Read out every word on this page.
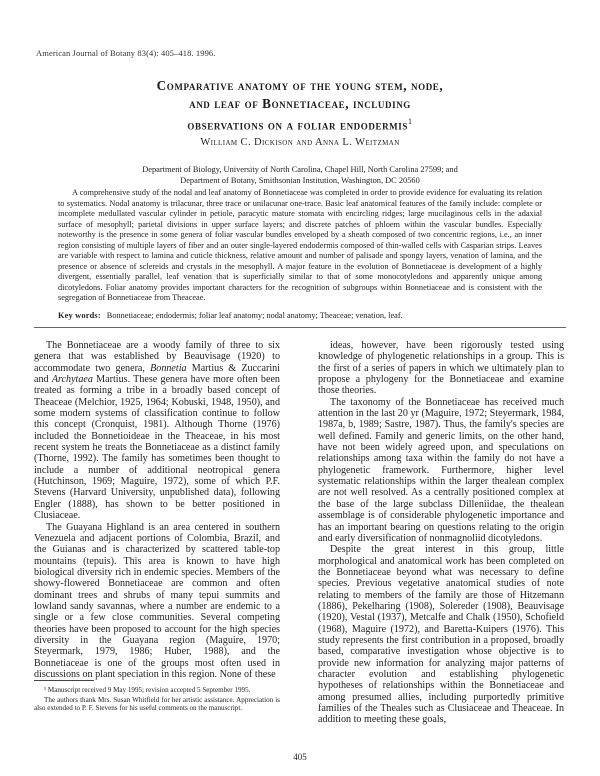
American Journal of Botany 83(4): 405–418. 1996.
Comparative anatomy of the young stem, node,
and leaf of Bonnetiaceae, including
observations on a foliar endodermis$^1$
William C. Dickison and Anna L. Weitzman
Department of Biology, University of North Carolina, Chapel Hill, North Carolina 27599; and
Department of Botany, Smithsonian Institution, Washington, DC 20560
A comprehensive study of the nodal and leaf anatomy of Bonnetiaceae was completed in order to provide evidence for evaluating its relation to systematics. Nodal anatomy is trilacunar, three trace or unilacunar one-trace. Basic leaf anatomical features of the family include: complete or incomplete medullated vascular cylinder in petiole, paracytic mature stomata with encircling ridges; large mucilaginous cells in the adaxial surface of mesophyll; parietal divisions in upper surface layers; and discrete patches of phloem within the vascular bundles. Especially noteworthy is the presence in some genera of foliar vascular bundles enveloped by a sheath composed of two concentric regions, i.e., an inner region consisting of multiple layers of fiber and an outer single-layered endodermis composed of thin-walled cells with Casparian strips. Leaves are variable with respect to lamina and cuticle thickness, relative amount and number of palisade and spongy layers, venation of lamina, and the presence or absence of sclereids and crystals in the mesophyll. A major feature in the evolution of Bonnetiaceae is development of a highly divergent, essentially parallel, leaf venation that is superficially similar to that of some monocotyledons and apparently unique among dicotyledons. Foliar anatomy provides important characters for the recognition of subgroups within Bonnetiaceae and is consistent with the segregation of Bonnetiaceae from Theaceae.
Key words: Bonnetiaceae; endodermis; foliar leaf anatomy; nodal anatomy; Theaceae; venation, leaf.

The Bonnetiaceae are a woody family of three to six genera that was established by Beauvisage (1920) to accommodate two genera, Bonnetia Martius & Zuccarini and Archytaea Martius. These genera have more often been treated as forming a tribe in a broadly based concept of Theaceae (Melchior, 1925, 1964; Kobuski, 1948, 1950), and some modern systems of classification continue to follow this concept (Cronquist, 1981). Although Thorne (1976) included the Bonnetioideae in the Theaceae, in his most recent system he treats the Bonnetiaceae as a distinct family (Thorne, 1992). The family has sometimes been thought to include a number of additional neotropical genera (Hutchinson, 1969; Maguire, 1972), some of which P.F. Stevens (Harvard University, unpublished data), following Engler (1888), has shown to be better positioned in Clusiaceae.

The Guayana Highland is an area centered in southern Venezuela and adjacent portions of Colombia, Brazil, and the Guianas and is characterized by scattered table-top mountains (tepuis). This area is known to have high biological diversity rich in endemic species. Members of the showy-flowered Bonnetiaceae are common and often dominant trees and shrubs of many tepui summits and lowland sandy savannas, where a number are endemic to a single or a few close communities. Several competing theories have been proposed to account for the high species diversity in the Guayana region (Maguire, 1970; Steyermark, 1979, 1986; Huber, 1988), and the Bonnetiaceae is one of the groups most often used in discussions on plant speciation in this region. None of these

ideas, however, have been rigorously tested using knowledge of phylogenetic relationships in a group. This is the first of a series of papers in which we ultimately plan to propose a phylogeny for the Bonnetiaceae and examine those theories.

The taxonomy of the Bonnetiaceae has received much attention in the last 20 yr (Maguire, 1972; Steyermark, 1984, 1987a, b, 1989; Sastre, 1987). Thus, the family's species are well defined. Family and generic limits, on the other hand, have not been widely agreed upon, and speculations on relationships among taxa within the family do not have a phylogenetic framework. Furthermore, higher level systematic relationships within the larger thealean complex are not well resolved. As a centrally positioned complex at the base of the large subclass Dilleniidae, the thealean assemblage is of considerable phylogenetic importance and has an important bearing on questions relating to the origin and early diversification of nonmagnoliid dicotyledons.

Despite the great interest in this group, little morphological and anatomical work has been completed on the Bonnetiaceae beyond what was necessary to define species. Previous vegetative anatomical studies of note relating to members of the family are those of Hitzemann (1886), Pekelharing (1908), Solereder (1908), Beauvisage (1920), Vestal (1937), Metcalfe and Chalk (1950), Schofield (1968), Maguire (1972), and Baretta-Kuipers (1976). This study represents the first contribution in a proposed, broadly based, comparative investigation whose objective is to provide new information for analyzing major patterns of character evolution and establishing phylogenetic hypotheses of relationships within the Bonnetiaceae and among presumed allies, including purportedly primitive families of the Theales such as Clusiaceae and Theaceae. In addition to meeting these goals,

¹ Manuscript received 9 May 1995; revision accepted 5 September 1995.

The authors thank Mrs. Susan Whitfield for her artistic assistance. Appreciation is also extended to P. F. Stevens for his useful comments on the manuscript.

405
